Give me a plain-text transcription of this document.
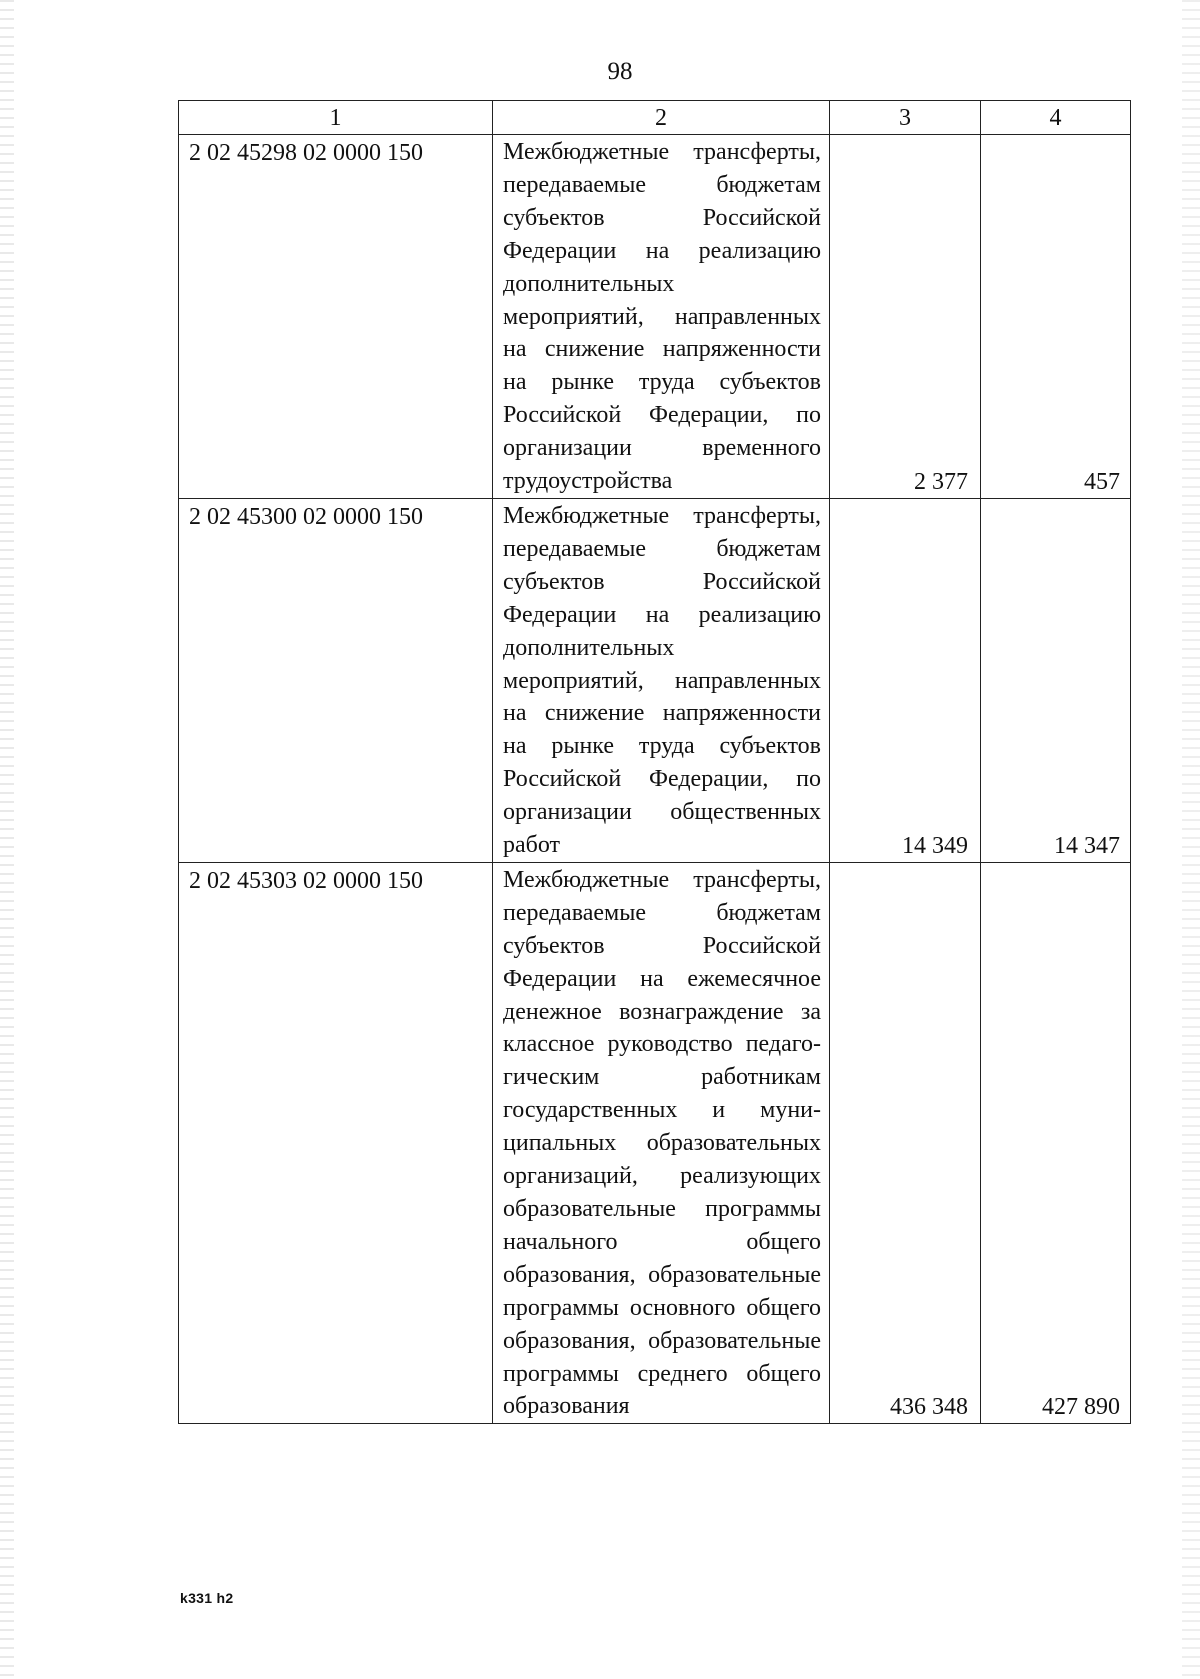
98
1	2	3	4
2 02 45298 02 0000 150	Межбюджетные трансферты, передаваемые бюджетам субъектов Российской Федерации на реализацию дополнительных мероприятий, направленных на снижение напряженности на рынке труда субъектов Российской Федерации, по организации временного трудоустройства	2 377	457
2 02 45300 02 0000 150	Межбюджетные трансферты, передаваемые бюджетам субъектов Российской Федерации на реализацию дополнительных мероприятий, направленных на снижение напряженности на рынке труда субъектов Российской Федерации, по организации общественных работ	14 349	14 347
2 02 45303 02 0000 150	Межбюджетные трансферты, передаваемые бюджетам субъектов Российской Федерации на ежемесячное денежное вознаграждение за классное руководство педагогическим работникам государственных и муниципальных образовательных организаций, реализующих образовательные программы начального общего образования, образовательные программы основного общего образования, образовательные программы среднего общего образования	436 348	427 890
k331 h2
